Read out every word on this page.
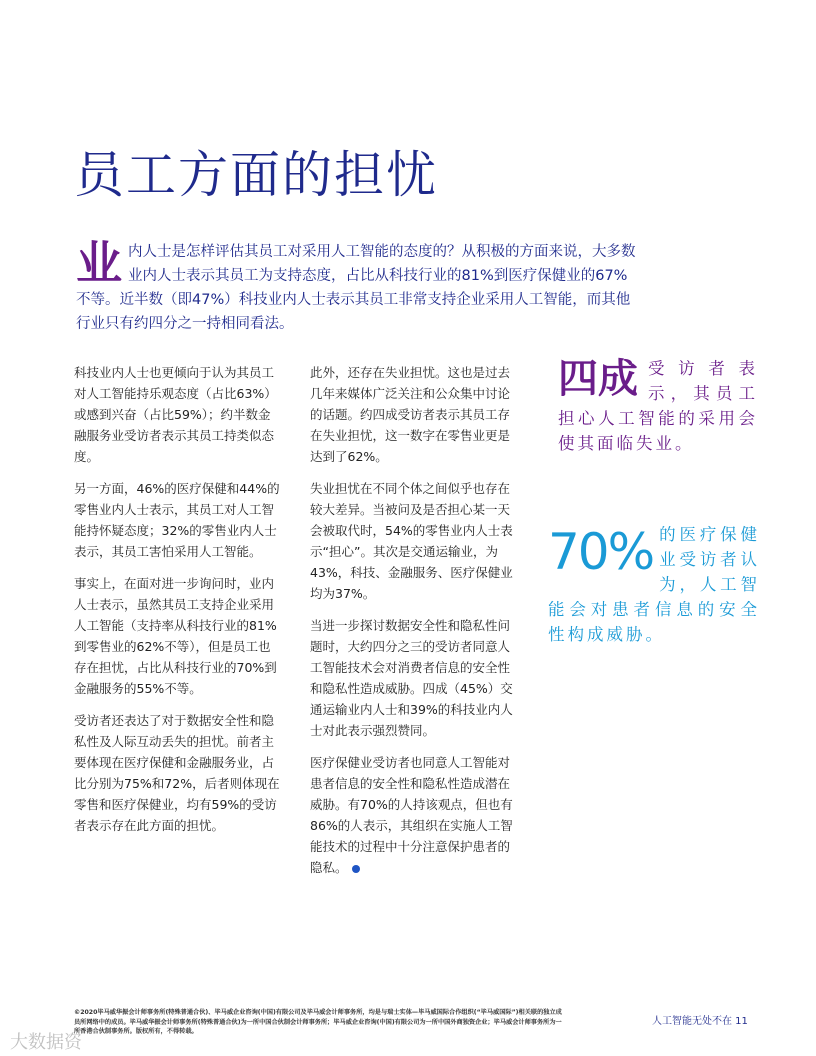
员工方面的担忧
业 内人士是怎样评估其员工对采用人工智能的态度的？从积极的方面来说，大多数业内人士表示其员工为支持态度，占比从科技行业的81%到医疗保健业的67%不等。近半数（即47%）科技业内人士表示其员工非常支持企业采用人工智能，而其他行业只有约四分之一持相同看法。

科技业内人士也更倾向于认为其员工对人工智能持乐观态度（占比63%）或感到兴奋（占比59%）；约半数金融服务业受访者表示其员工持类似态度。

另一方面，46%的医疗保健和44%的零售业内人士表示，其员工对人工智能持怀疑态度；32%的零售业内人士表示，其员工害怕采用人工智能。

事实上，在面对进一步询问时，业内人士表示，虽然其员工支持企业采用人工智能（支持率从科技行业的81%到零售业的62%不等），但是员工也存在担忧，占比从科技行业的70%到金融服务的55%不等。

受访者还表达了对于数据安全性和隐私性及人际互动丢失的担忧。前者主要体现在医疗保健和金融服务业，占比分别为75%和72%，后者则体现在零售和医疗保健业，均有59%的受访者表示存在此方面的担忧。

此外，还存在失业担忧。这也是过去几年来媒体广泛关注和公众集中讨论的话题。约四成受访者表示其员工存在失业担忧，这一数字在零售业更是达到了62%。

失业担忧在不同个体之间似乎也存在较大差异。当被问及是否担心某一天会被取代时，54%的零售业内人士表示“担心”。其次是交通运输业，为43%，科技、金融服务、医疗保健业均为37%。

当进一步探讨数据安全性和隐私性问题时，大约四分之三的受访者同意人工智能技术会对消费者信息的安全性和隐私性造成威胁。四成（45%）交通运输业内人士和39%的科技业内人士对此表示强烈赞同。

医疗保健业受访者也同意人工智能对患者信息的安全性和隐私性造成潜在威胁。有70%的人持该观点，但也有86%的人表示，其组织在实施人工智能技术的过程中十分注意保护患者的隐私。

四成 受访者表示，其员工担心人工智能的采用会使其面临失业。
70% 的医疗保健业受访者认为，人工智能会对患者信息的安全性构成威胁。
©2020毕马威华振会计师事务所(特殊普通合伙)、毕马威企业咨询(中国)有限公司及毕马威会计师事务所，均是与瑞士实体—毕马威国际合作组织(“毕马威国际”)相关联的独立成员所网络中的成员。毕马威华振会计师事务所(特殊普通合伙)为一所中国合伙制会计师事务所；毕马威企业咨询(中国)有限公司为一所中国外商独资企业；毕马威会计师事务所为一所香港合伙制事务所。版权所有，不得转载。
人工智能无处不在 11
大数据资
